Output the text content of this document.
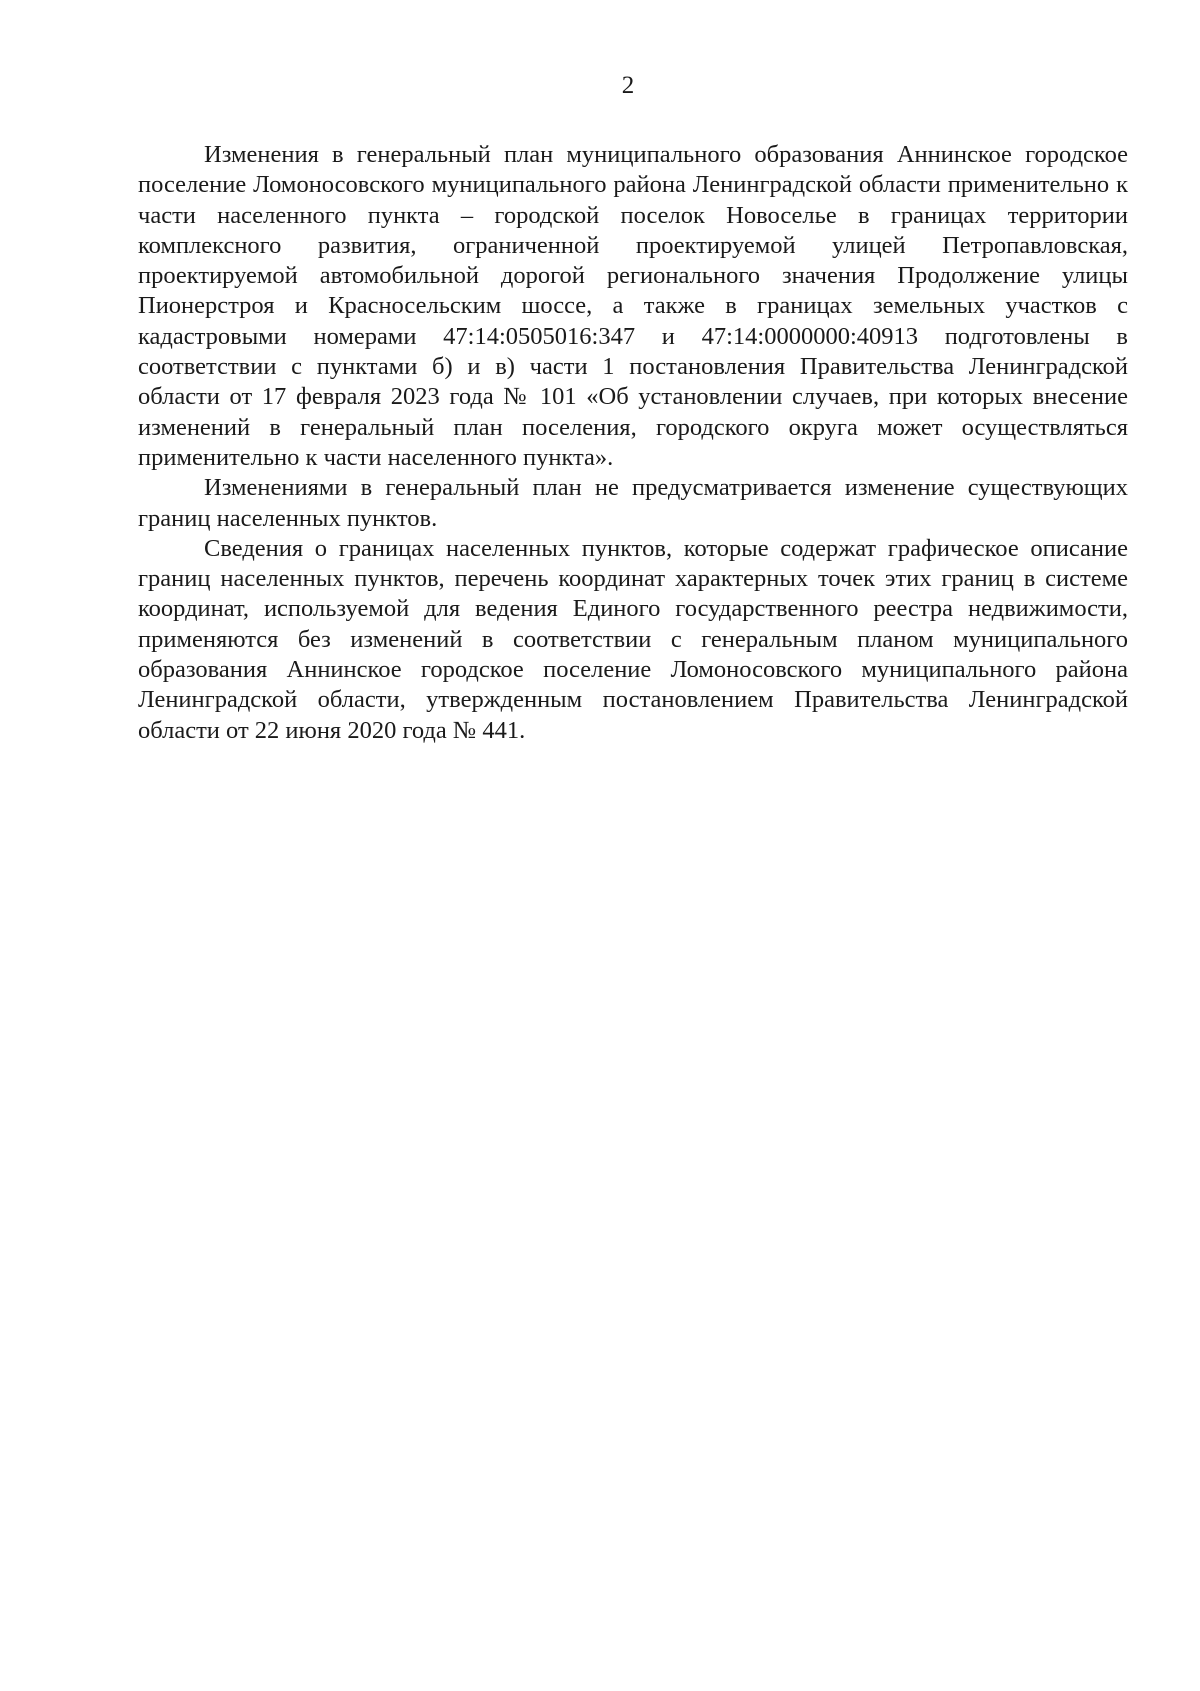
2

Изменения в генеральный план муниципального образования Аннинское городское поселение Ломоносовского муниципального района Ленинградской области применительно к части населенного пункта – городской поселок Новоселье в границах территории комплексного развития, ограниченной проектируемой улицей Петропавловская, проектируемой автомобильной дорогой регионального значения Продолжение улицы Пионерстроя и Красносельским шоссе, а также в границах земельных участков с кадастровыми номерами 47:14:0505016:347 и 47:14:0000000:40913 подготовлены в соответствии с пунктами б) и в) части 1 постановления Правительства Ленинградской области от 17 февраля 2023 года № 101 «Об установлении случаев, при которых внесение изменений в генеральный план поселения, городского округа может осуществляться применительно к части населенного пункта».

Изменениями в генеральный план не предусматривается изменение существующих границ населенных пунктов.

Сведения о границах населенных пунктов, которые содержат графическое описание границ населенных пунктов, перечень координат характерных точек этих границ в системе координат, используемой для ведения Единого государственного реестра недвижимости, применяются без изменений в соответствии с генеральным планом муниципального образования Аннинское городское поселение Ломоносовского муниципального района Ленинградской области, утвержденным постановлением Правительства Ленинградской области от 22 июня 2020 года № 441.
